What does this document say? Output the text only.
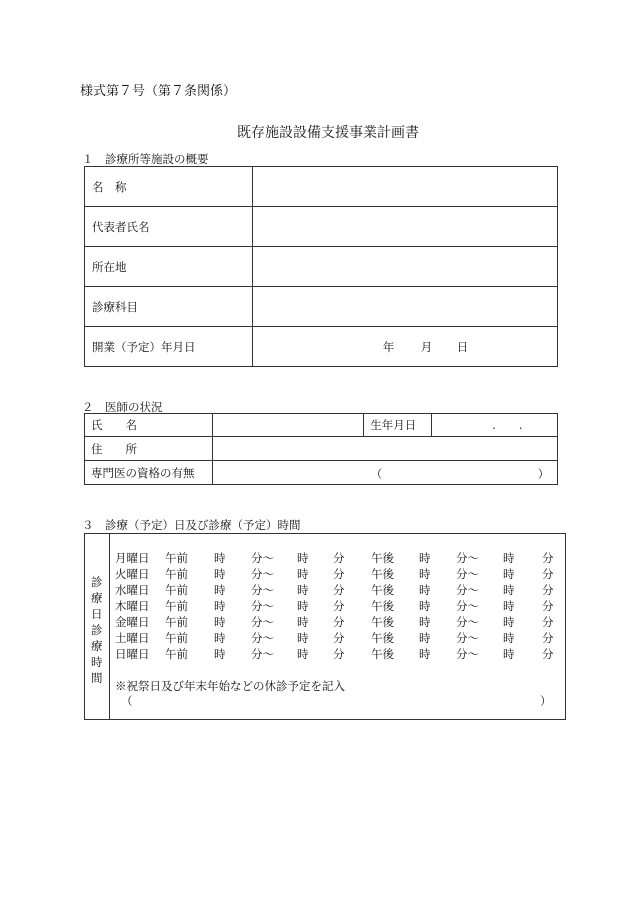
様式第７号（第７条関係）
既存施設設備支援事業計画書
１　診療所等施設の概要
名　称	
代表者氏名	
所在地	
診療科目	
開業（予定）年月日	年 月 日
２　医師の状況
氏　　名		生年月日	.　　.
住　　所			
専門医の資格の有無	（ ）		
３　診療（予定）日及び診療（予定）時間
診
療
日
診
療
時
間
月曜日 午前 時 分～ 時 分 午後 時 分～ 時 分
火曜日 午前 時 分～ 時 分 午後 時 分～ 時 分
水曜日 午前 時 分～ 時 分 午後 時 分～ 時 分
木曜日 午前 時 分～ 時 分 午後 時 分～ 時 分
金曜日 午前 時 分～ 時 分 午後 時 分～ 時 分
土曜日 午前 時 分～ 時 分 午後 時 分～ 時 分
日曜日 午前 時 分～ 時 分 午後 時 分～ 時 分
※祝祭日及び年末年始などの休診予定を記入
（	）
